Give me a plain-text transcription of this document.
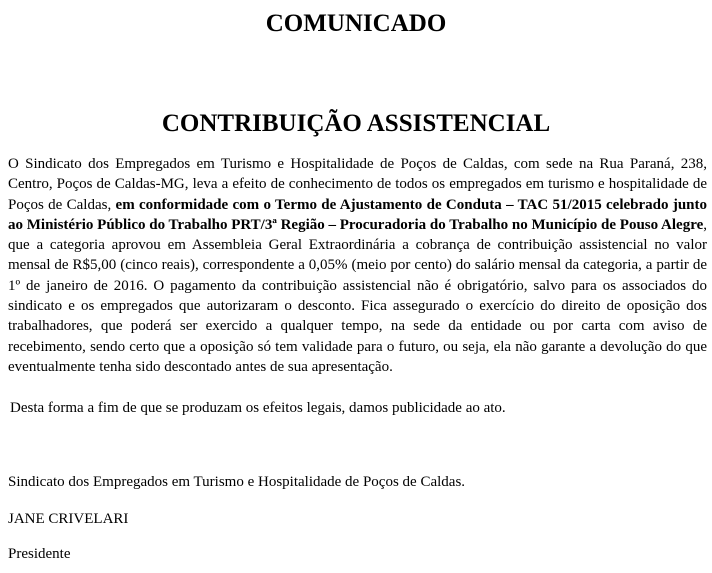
COMUNICADO
CONTRIBUIÇÃO ASSISTENCIAL

O Sindicato dos Empregados em Turismo e Hospitalidade de Poços de Caldas, com sede na Rua Paraná, 238, Centro, Poços de Caldas-MG, leva a efeito de conhecimento de todos os empregados em turismo e hospitalidade de Poços de Caldas, em conformidade com o Termo de Ajustamento de Conduta – TAC 51/2015 celebrado junto ao Ministério Público do Trabalho PRT/3ª Região – Procuradoria do Trabalho no Município de Pouso Alegre, que a categoria aprovou em Assembleia Geral Extraordinária a cobrança de contribuição assistencial no valor mensal de R$5,00 (cinco reais), correspondente a 0,05% (meio por cento) do salário mensal da categoria, a partir de 1º de janeiro de 2016. O pagamento da contribuição assistencial não é obrigatório, salvo para os associados do sindicato e os empregados que autorizaram o desconto. Fica assegurado o exercício do direito de oposição dos trabalhadores, que poderá ser exercido a qualquer tempo, na sede da entidade ou por carta com aviso de recebimento, sendo certo que a oposição só tem validade para o futuro, ou seja, ela não garante a devolução do que eventualmente tenha sido descontado antes de sua apresentação.

Desta forma a fim de que se produzam os efeitos legais, damos publicidade ao ato.

Sindicato dos Empregados em Turismo e Hospitalidade de Poços de Caldas.

JANE CRIVELARI

Presidente
